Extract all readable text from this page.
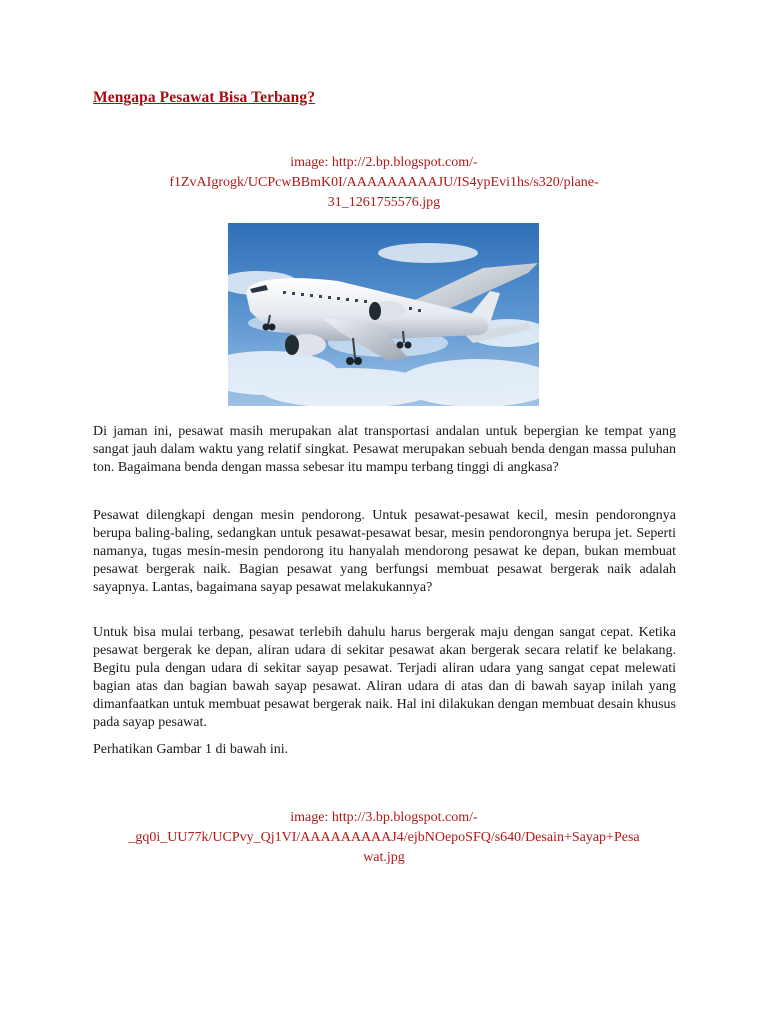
Mengapa Pesawat Bisa Terbang?
image: http://2.bp.blogspot.com/-
f1ZvAIgrogk/UCPcwBBmK0I/AAAAAAAAAJU/IS4ypEvi1hs/s320/plane-
31_1261755576.jpg
Di jaman ini, pesawat masih merupakan alat transportasi andalan untuk bepergian ke tempat yang sangat jauh dalam waktu yang relatif singkat. Pesawat merupakan sebuah benda dengan massa puluhan ton. Bagaimana benda dengan massa sebesar itu mampu terbang tinggi di angkasa?
Pesawat dilengkapi dengan mesin pendorong. Untuk pesawat-pesawat kecil, mesin pendorongnya berupa baling-baling, sedangkan untuk pesawat-pesawat besar, mesin pendorongnya berupa jet. Seperti namanya, tugas mesin-mesin pendorong itu hanyalah mendorong pesawat ke depan, bukan membuat pesawat bergerak naik. Bagian pesawat yang berfungsi membuat pesawat bergerak naik adalah sayapnya. Lantas, bagaimana sayap pesawat melakukannya?
Untuk bisa mulai terbang, pesawat terlebih dahulu harus bergerak maju dengan sangat cepat. Ketika pesawat bergerak ke depan, aliran udara di sekitar pesawat akan bergerak secara relatif ke belakang. Begitu pula dengan udara di sekitar sayap pesawat. Terjadi aliran udara yang sangat cepat melewati bagian atas dan bagian bawah sayap pesawat. Aliran udara di atas dan di bawah sayap inilah yang dimanfaatkan untuk membuat pesawat bergerak naik. Hal ini dilakukan dengan membuat desain khusus pada sayap pesawat.
Perhatikan Gambar 1 di bawah ini.
image: http://3.bp.blogspot.com/-
_gq0i_UU77k/UCPvy_Qj1VI/AAAAAAAAAJ4/ejbNOepoSFQ/s640/Desain+Sayap+Pesa
wat.jpg
